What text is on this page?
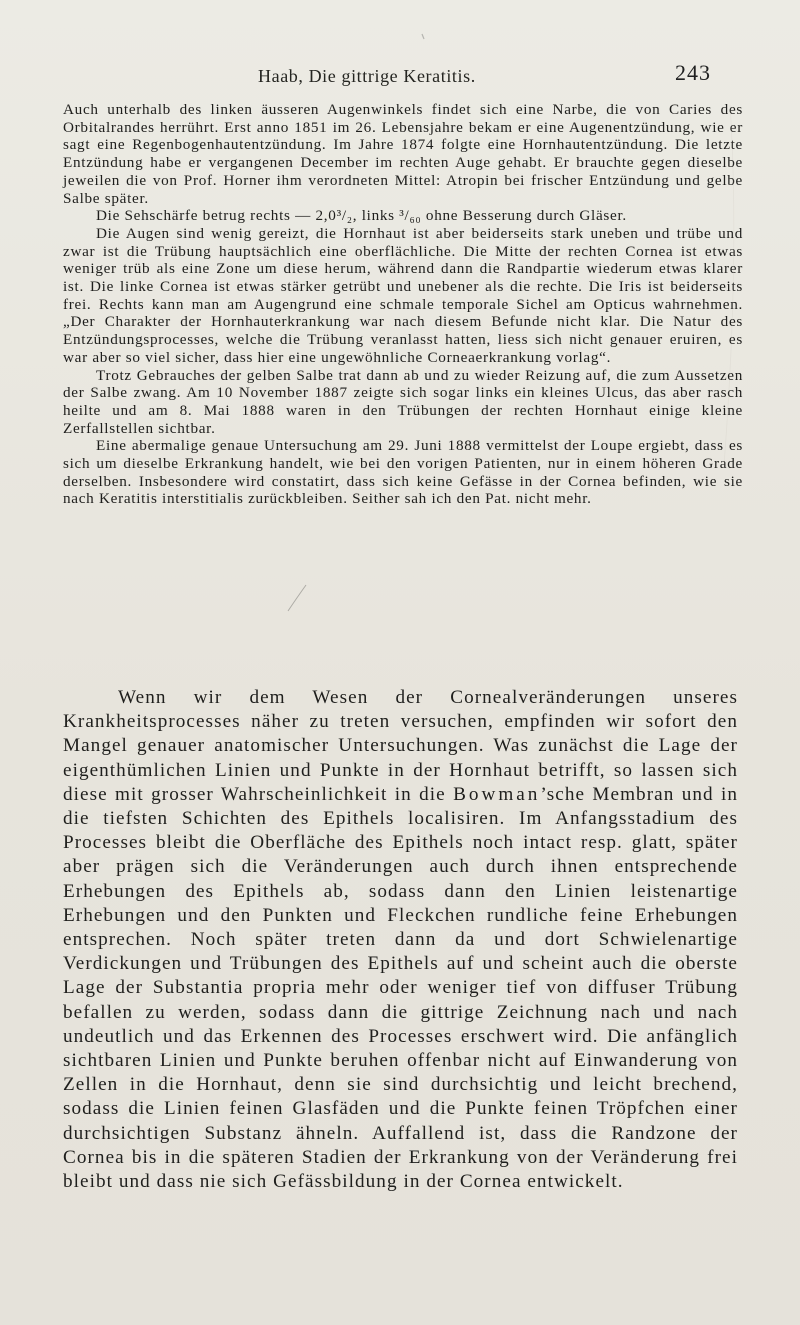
Haab, Die gittrige Keratitis.	243

Auch unterhalb des linken äusseren Augenwinkels findet sich eine Narbe, die von Caries des Orbitalrandes herrührt. Erst anno 1851 im 26. Lebensjahre bekam er eine Augenentzündung, wie er sagt eine Regenbogenhautentzündung. Im Jahre 1874 folgte eine Hornhautentzündung. Die letzte Entzündung habe er vergangenen December im rechten Auge gehabt. Er brauchte gegen dieselbe jeweilen die von Prof. Horner ihm verordneten Mittel: Atropin bei frischer Entzündung und gelbe Salbe später.

Die Sehschärfe betrug rechts — 2,0³/₂, links ³/₆₀ ohne Besserung durch Gläser.

Die Augen sind wenig gereizt, die Hornhaut ist aber beiderseits stark uneben und trübe und zwar ist die Trübung hauptsächlich eine oberflächliche. Die Mitte der rechten Cornea ist etwas weniger trüb als eine Zone um diese herum, während dann die Randpartie wiederum etwas klarer ist. Die linke Cornea ist etwas stärker getrübt und unebener als die rechte. Die Iris ist beiderseits frei. Rechts kann man am Augengrund eine schmale temporale Sichel am Opticus wahrnehmen. „Der Charakter der Hornhauterkrankung war nach diesem Befunde nicht klar. Die Natur des Entzündungsprocesses, welche die Trübung veranlasst hatten, liess sich nicht genauer eruiren, es war aber so viel sicher, dass hier eine ungewöhnliche Corneaerkrankung vorlag“.

Trotz Gebrauches der gelben Salbe trat dann ab und zu wieder Reizung auf, die zum Aussetzen der Salbe zwang. Am 10 November 1887 zeigte sich sogar links ein kleines Ulcus, das aber rasch heilte und am 8. Mai 1888 waren in den Trübungen der rechten Hornhaut einige kleine Zerfallstellen sichtbar.

Eine abermalige genaue Untersuchung am 29. Juni 1888 vermittelst der Loupe ergiebt, dass es sich um dieselbe Erkrankung handelt, wie bei den vorigen Patienten, nur in einem höheren Grade derselben. Insbesondere wird constatirt, dass sich keine Gefässe in der Cornea befinden, wie sie nach Keratitis interstitialis zurückbleiben. Seither sah ich den Pat. nicht mehr.

Wenn wir dem Wesen der Cornealveränderungen unseres Krankheitsprocesses näher zu treten versuchen, empfinden wir sofort den Mangel genauer anatomischer Untersuchungen. Was zunächst die Lage der eigenthümlichen Linien und Punkte in der Hornhaut betrifft, so lassen sich diese mit grosser Wahrscheinlichkeit in die Bowman’sche Membran und in die tiefsten Schichten des Epithels localisiren. Im Anfangsstadium des Processes bleibt die Oberfläche des Epithels noch intact resp. glatt, später aber prägen sich die Veränderungen auch durch ihnen entsprechende Erhebungen des Epithels ab, sodass dann den Linien leistenartige Erhebungen und den Punkten und Fleckchen rundliche feine Erhebungen entsprechen. Noch später treten dann da und dort Schwielenartige Verdickungen und Trübungen des Epithels auf und scheint auch die oberste Lage der Substantia propria mehr oder weniger tief von diffuser Trübung befallen zu werden, sodass dann die gittrige Zeichnung nach und nach undeutlich und das Erkennen des Processes erschwert wird. Die anfänglich sichtbaren Linien und Punkte beruhen offenbar nicht auf Einwanderung von Zellen in die Hornhaut, denn sie sind durchsichtig und leicht brechend, sodass die Linien feinen Glasfäden und die Punkte feinen Tröpfchen einer durchsichtigen Substanz ähneln. Auffallend ist, dass die Randzone der Cornea bis in die späteren Stadien der Erkrankung von der Veränderung frei bleibt und dass nie sich Gefässbildung in der Cornea entwickelt.
